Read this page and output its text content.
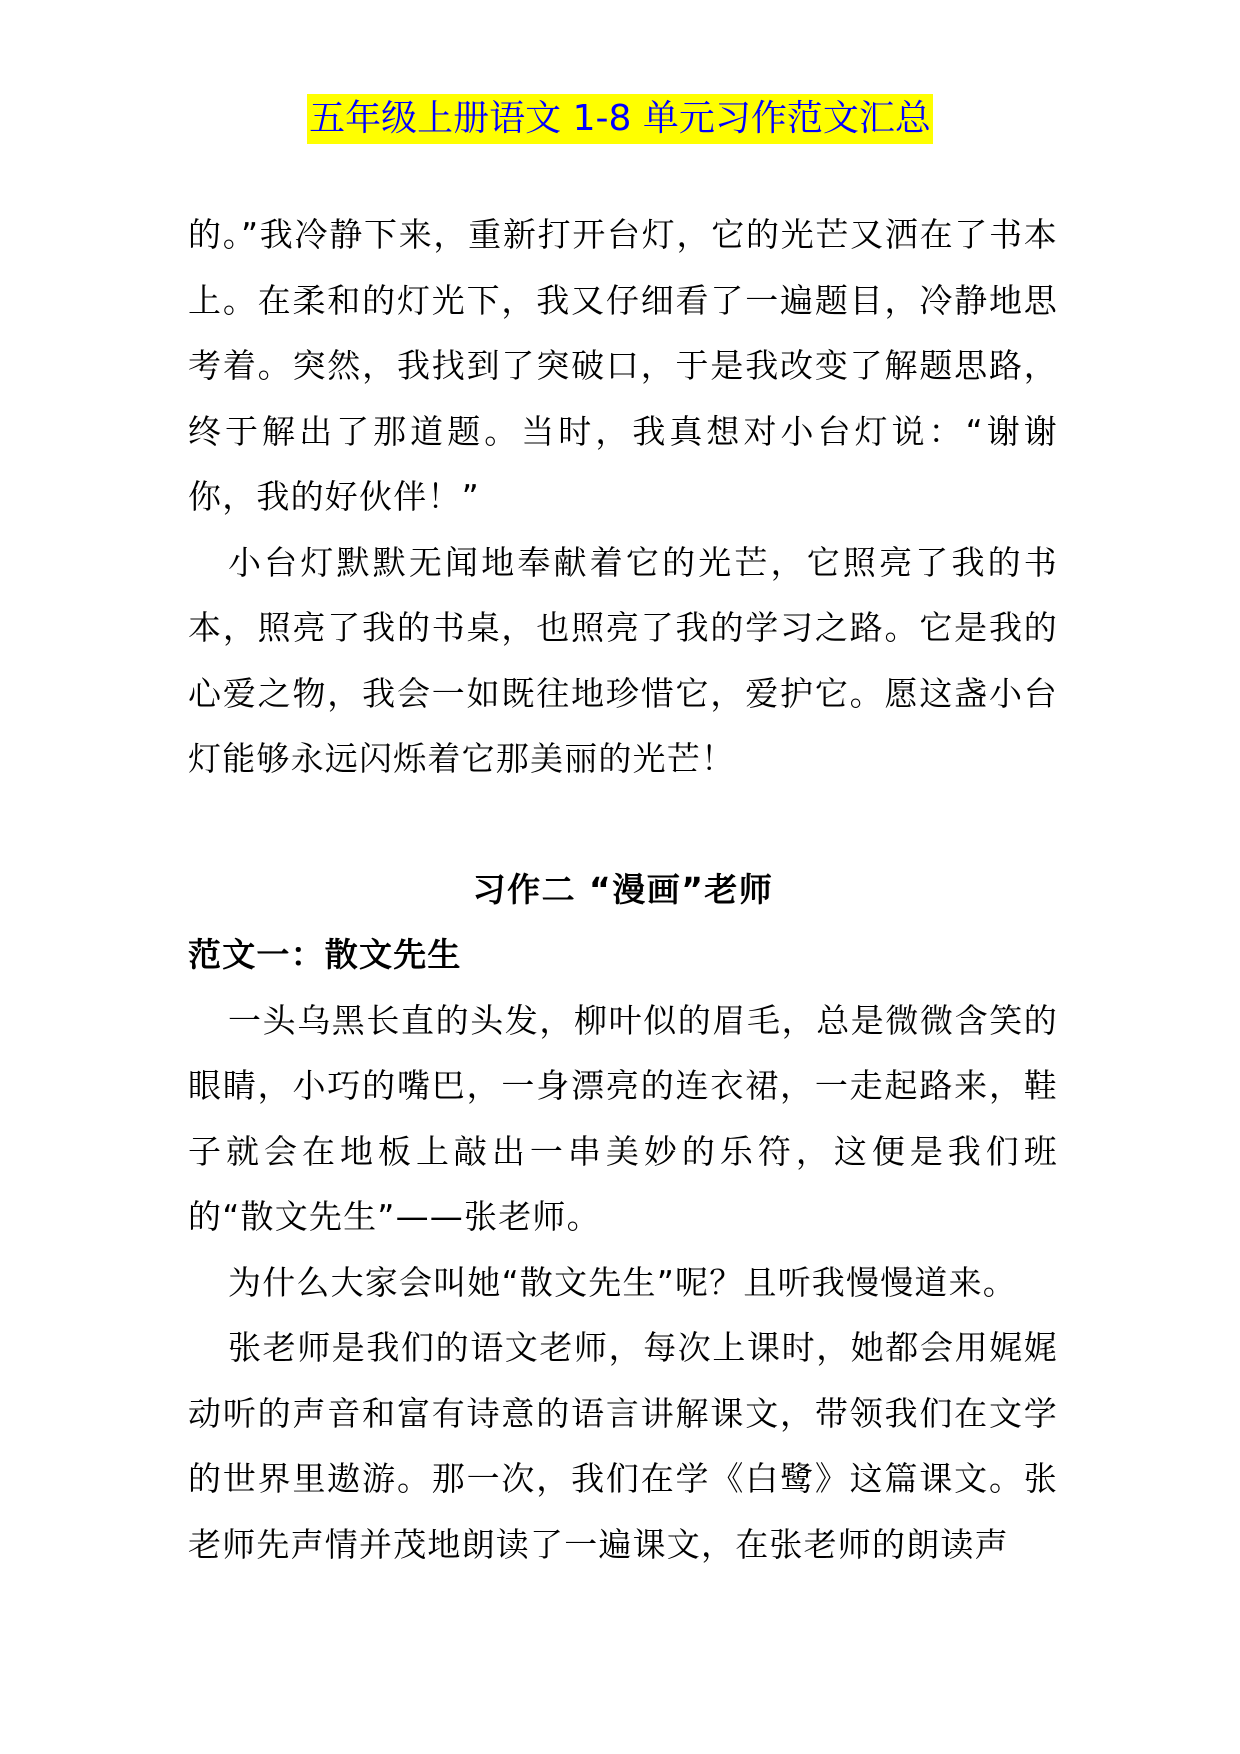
五年级上册语文 1-8 单元习作范文汇总

的。”我冷静下来，重新打开台灯，它的光芒又洒在了书本上。在柔和的灯光下，我又仔细看了一遍题目，冷静地思考着。突然，我找到了突破口，于是我改变了解题思路，终于解出了那道题。当时，我真想对小台灯说：“谢谢你，我的好伙伴！”

小台灯默默无闻地奉献着它的光芒，它照亮了我的书本，照亮了我的书桌，也照亮了我的学习之路。它是我的心爱之物，我会一如既往地珍惜它，爱护它。愿这盏小台灯能够永远闪烁着它那美丽的光芒！

习作二 “漫画”老师
范文一：散文先生

一头乌黑长直的头发，柳叶似的眉毛，总是微微含笑的眼睛，小巧的嘴巴，一身漂亮的连衣裙，一走起路来，鞋子就会在地板上敲出一串美妙的乐符，这便是我们班的“散文先生”——张老师。

为什么大家会叫她“散文先生”呢？且听我慢慢道来。

张老师是我们的语文老师，每次上课时，她都会用娓娓动听的声音和富有诗意的语言讲解课文，带领我们在文学的世界里遨游。那一次，我们在学《白鹭》这篇课文。张老师先声情并茂地朗读了一遍课文，在张老师的朗读声
